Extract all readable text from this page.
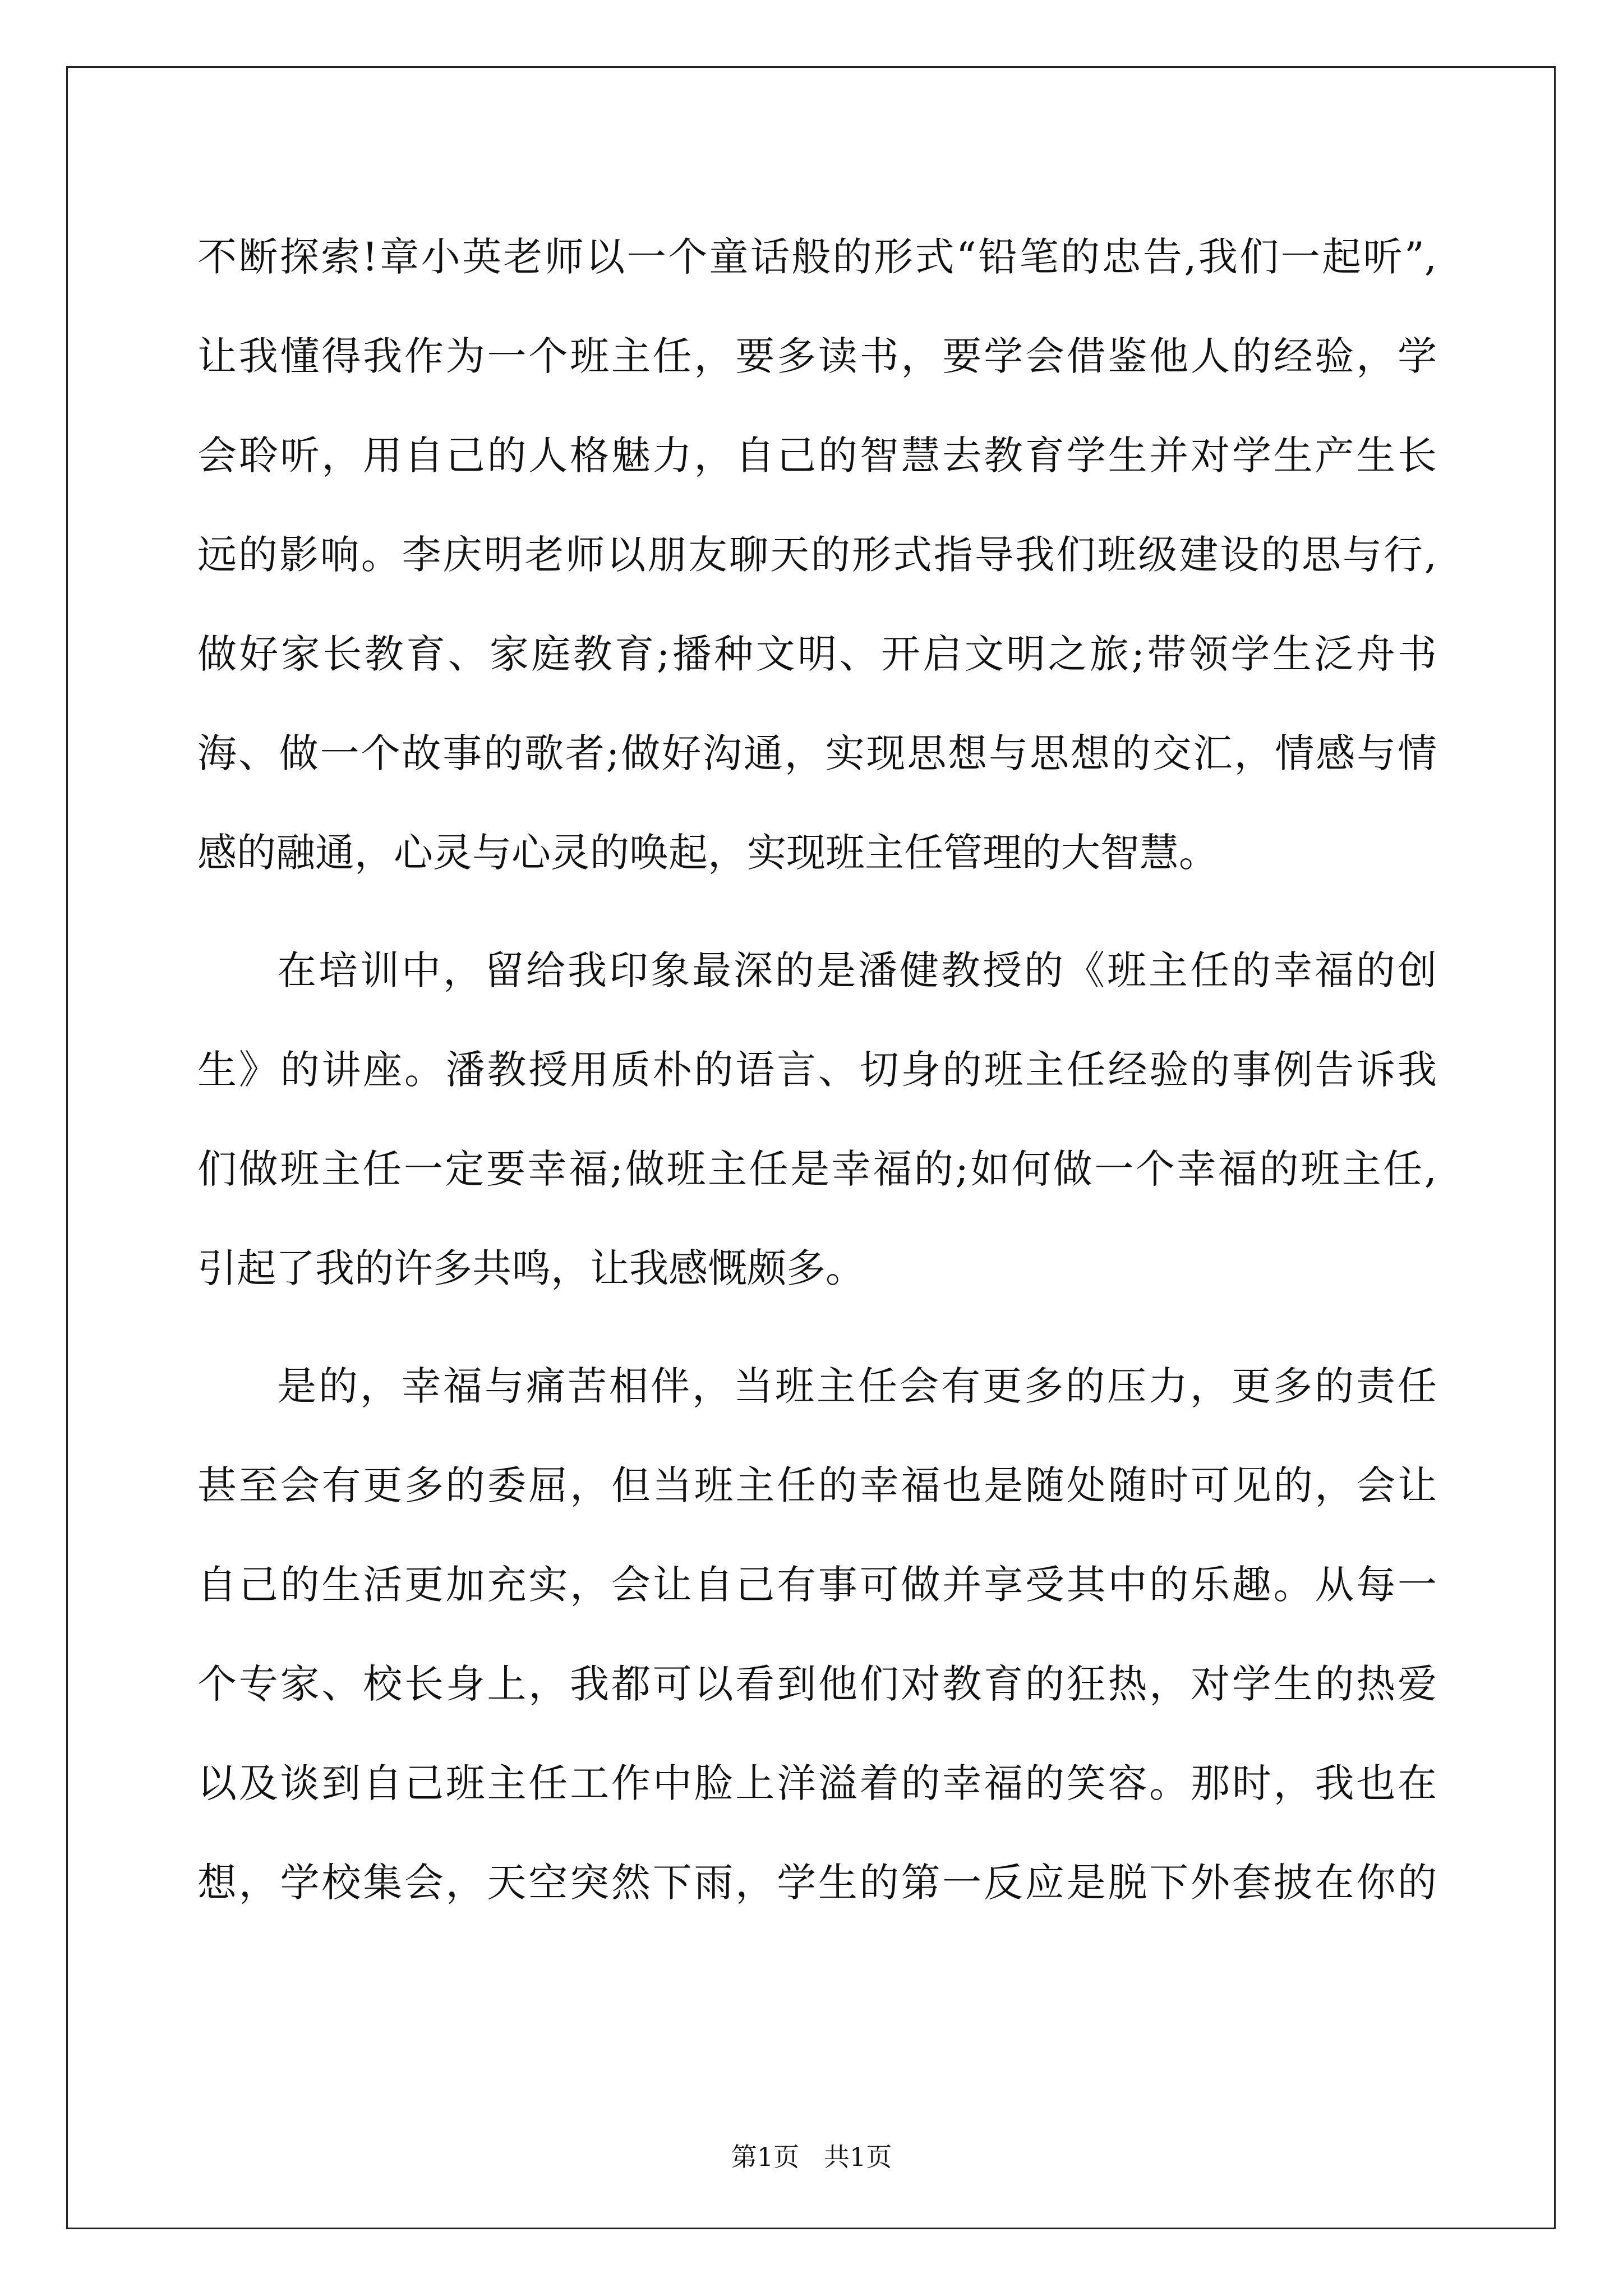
不断探索!章小英老师以一个童话般的形式“铅笔的忠告,我们一起听”,
让我懂得我作为一个班主任，要多读书，要学会借鉴他人的经验，学
会聆听，用自己的人格魅力，自己的智慧去教育学生并对学生产生长
远的影响。李庆明老师以朋友聊天的形式指导我们班级建设的思与行,
做好家长教育、家庭教育;播种文明、开启文明之旅;带领学生泛舟书
海、做一个故事的歌者;做好沟通，实现思想与思想的交汇，情感与情
感的融通，心灵与心灵的唤起，实现班主任管理的大智慧。
在培训中，留给我印象最深的是潘健教授的《班主任的幸福的创
生》的讲座。潘教授用质朴的语言、切身的班主任经验的事例告诉我
们做班主任一定要幸福;做班主任是幸福的;如何做一个幸福的班主任,
引起了我的许多共鸣，让我感慨颇多。
是的，幸福与痛苦相伴，当班主任会有更多的压力，更多的责任
甚至会有更多的委屈，但当班主任的幸福也是随处随时可见的，会让
自己的生活更加充实，会让自己有事可做并享受其中的乐趣。从每一
个专家、校长身上，我都可以看到他们对教育的狂热，对学生的热爱
以及谈到自己班主任工作中脸上洋溢着的幸福的笑容。那时，我也在
想，学校集会，天空突然下雨，学生的第一反应是脱下外套披在你的
第1页   共1页
